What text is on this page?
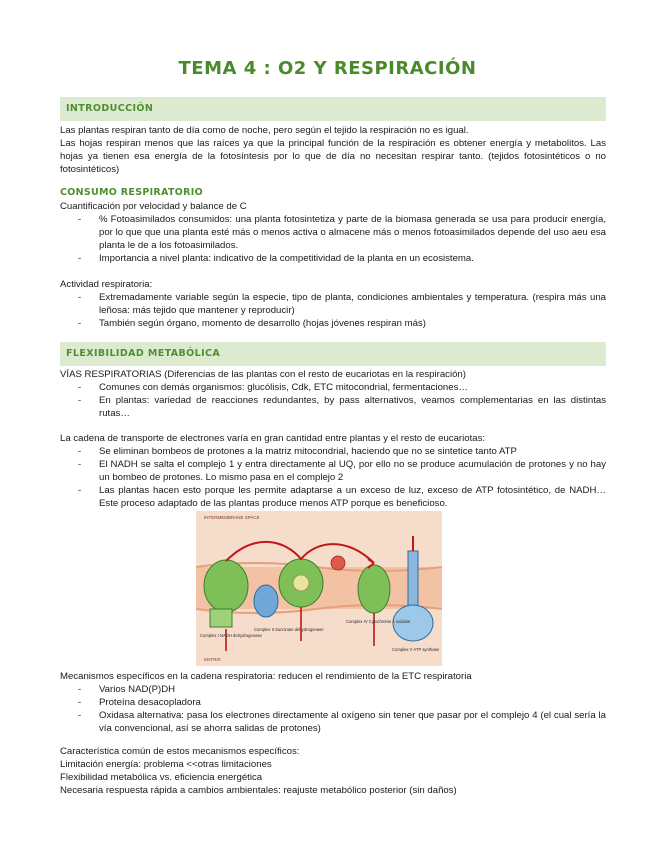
TEMA 4 : O2 Y RESPIRACIÓN
INTRODUCCIÓN
Las plantas respiran tanto de día como de noche, pero según el tejido la respiración no es igual.
Las hojas respiran menos que las raíces ya que la principal función de la respiración es obtener energía y metabolitos. Las hojas ya tienen esa energía de la fotosíntesis por lo que de día no necesitan respirar tanto. (tejidos fotosintéticos o no fotosintéticos)
CONSUMO RESPIRATORIO
Cuantificación por velocidad y balance de C
- % Fotoasimilados consumidos: una planta fotosintetiza y parte de la biomasa generada se usa para producir energía, por lo que que una planta esté más o menos activa o almacene más o menos fotoasimilados depende del uso aeu esa planta le de a los fotoasimilados.
- Importancia a nivel planta: indicativo de la competitividad de la planta en un ecosistema.
Actividad respiratoria:
- Extremadamente variable según la especie, tipo de planta, condiciones ambientales y temperatura. (respira más una leñosa: más tejido que mantener y reproducir)
- También según órgano, momento de desarrollo (hojas jóvenes respiran más)
FLEXIBILIDAD METABÓLICA
VÍAS RESPIRATORIAS (Diferencias de las plantas con el resto de eucariotas en la respiración)
- Comunes con demás organismos: glucólisis, Cdk, ETC mitocondrial, fermentaciones…
- En plantas: variedad de reacciones redundantes, by pass alternativos, veamos complementarias en las distintas rutas…
La cadena de transporte de electrones varía en gran cantidad entre plantas y el resto de eucariotas:
- Se eliminan bombeos de protones a la matriz mitocondrial, haciendo que no se sintetice tanto ATP
- El NADH se salta el complejo 1 y entra directamente al UQ, por ello no se produce acumulación de protones y no hay un bombeo de protones. Lo mismo pasa en el complejo 2
- Las plantas hacen esto porque les permite adaptarse a un exceso de luz, exceso de ATP fotosintético, de NADH… Este proceso adaptado de las plantas produce menos ATP porque es beneficioso.
INTERMEMBRANE SPACE
Complex I NADH dehydrogenase
Complex II Succinate dehydrogenase
Complex IV Cytochrome c oxidase
Complex V ATP synthase
MATRIX
Mecanismos específicos en la cadena respiratoria: reducen el rendimiento de la ETC respiratoria
- Varios NAD(P)DH
- Proteína desacopladora
- Oxidasa alternativa: pasa los electrones directamente al oxígeno sin tener que pasar por el complejo 4 (el cual sería la vía convencional, así se ahorra salidas de protones)
Característica común de estos mecanismos específicos:
Limitación energía: problema <<otras limitaciones
Flexibilidad metabólica vs. eficiencia energética
Necesaria respuesta rápida a cambios ambientales: reajuste metabólico posterior (sin daños)
